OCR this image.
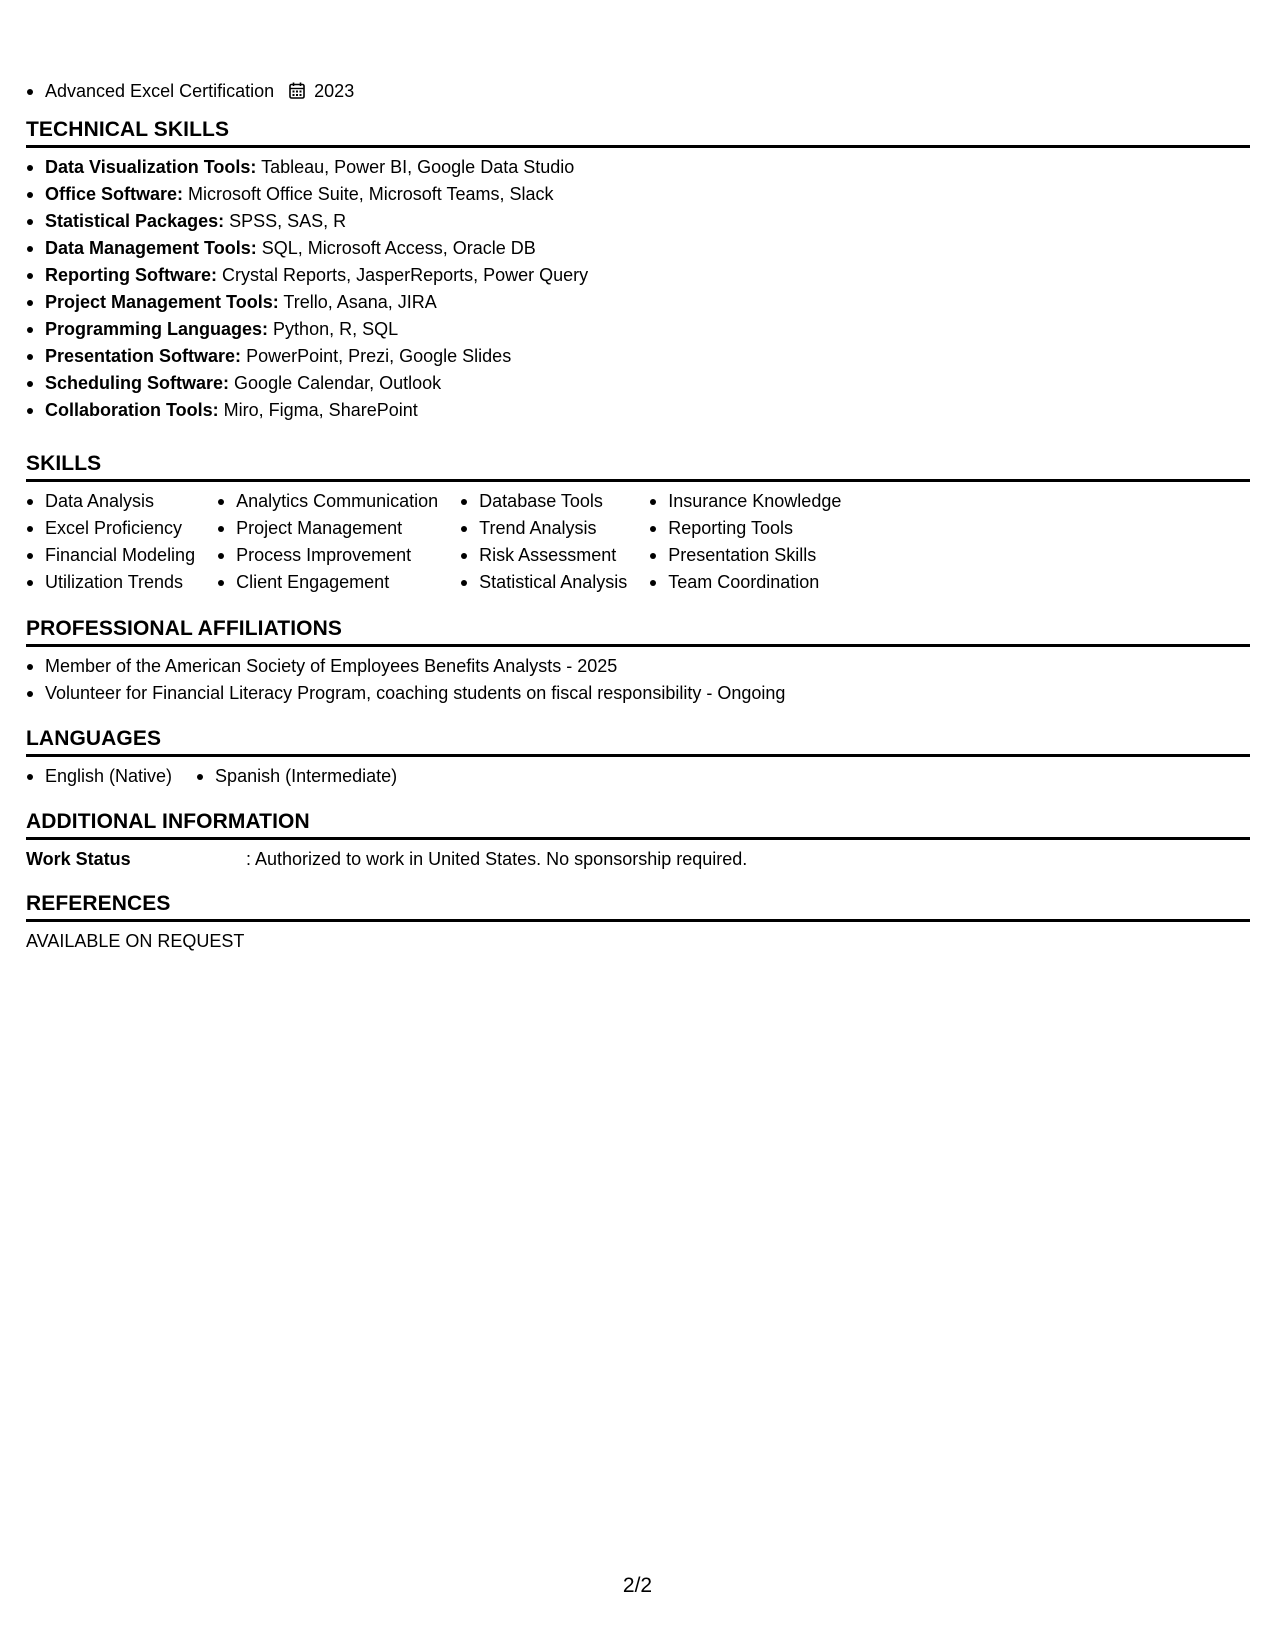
Advanced Excel Certification 2023
TECHNICAL SKILLS
Data Visualization Tools: Tableau, Power BI, Google Data Studio
Office Software: Microsoft Office Suite, Microsoft Teams, Slack
Statistical Packages: SPSS, SAS, R
Data Management Tools: SQL, Microsoft Access, Oracle DB
Reporting Software: Crystal Reports, JasperReports, Power Query
Project Management Tools: Trello, Asana, JIRA
Programming Languages: Python, R, SQL
Presentation Software: PowerPoint, Prezi, Google Slides
Scheduling Software: Google Calendar, Outlook
Collaboration Tools: Miro, Figma, SharePoint
SKILLS
Data Analysis
Excel Proficiency
Financial Modeling
Utilization Trends
Analytics Communication
Project Management
Process Improvement
Client Engagement
Database Tools
Trend Analysis
Risk Assessment
Statistical Analysis
Insurance Knowledge
Reporting Tools
Presentation Skills
Team Coordination
PROFESSIONAL AFFILIATIONS
Member of the American Society of Employees Benefits Analysts - 2025
Volunteer for Financial Literacy Program, coaching students on fiscal responsibility - Ongoing
LANGUAGES
English (Native)	Spanish (Intermediate)
ADDITIONAL INFORMATION
Work Status	: Authorized to work in United States. No sponsorship required.
REFERENCES
AVAILABLE ON REQUEST
2/2
